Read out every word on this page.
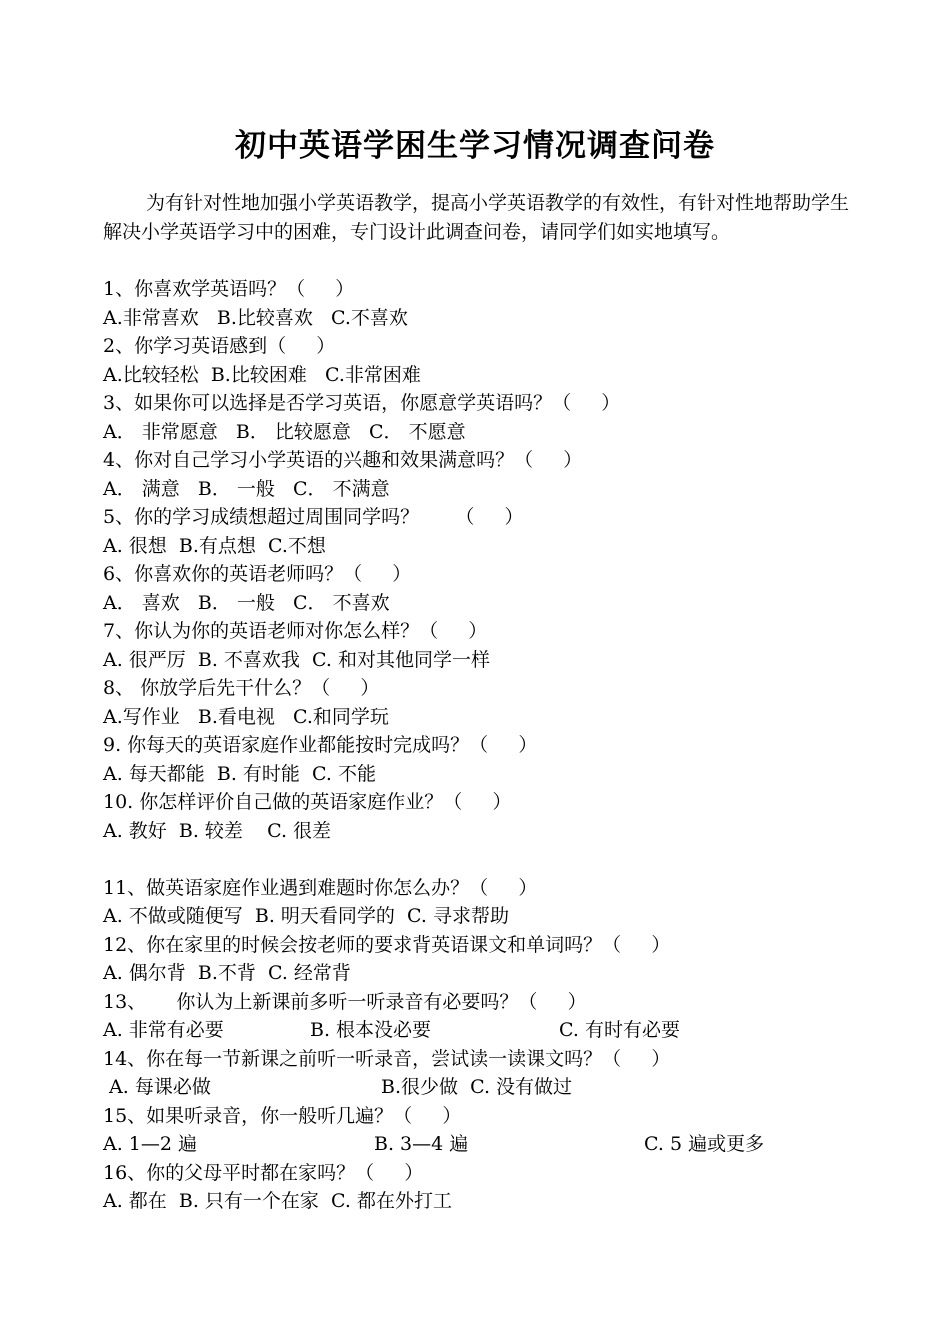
初中英语学困生学习情况调查问卷

为有针对性地加强小学英语教学，提高小学英语教学的有效性，有针对性地帮助学生解决小学英语学习中的困难，专门设计此调查问卷，请同学们如实地填写。

1、你喜欢学英语吗？（     ）
A.非常喜欢   B.比较喜欢   C.不喜欢
2、你学习英语感到（     ）
A.比较轻松  B.比较困难   C.非常困难
3、如果你可以选择是否学习英语，你愿意学英语吗？（     ）
A． 非常愿意   B． 比较愿意   C． 不愿意
4、你对自己学习小学英语的兴趣和效果满意吗？（     ）
A． 满意   B． 一般   C． 不满意
5、你的学习成绩想超过周围同学吗？      （     ）
A. 很想  B.有点想  C.不想
6、你喜欢你的英语老师吗？（     ）
A． 喜欢   B． 一般   C． 不喜欢
7、你认为你的英语老师对你怎么样？（     ）
A. 很严厉  B. 不喜欢我  C. 和对其他同学一样
8、 你放学后先干什么？（     ）
A.写作业   B.看电视   C.和同学玩
9. 你每天的英语家庭作业都能按时完成吗？（     ）
A. 每天都能  B. 有时能  C. 不能
10. 你怎样评价自己做的英语家庭作业？（     ）
A. 教好  B. 较差    C. 很差
11、做英语家庭作业遇到难题时你怎么办？（     ）
A. 不做或随便写  B. 明天看同学的  C. 寻求帮助
12、你在家里的时候会按老师的要求背英语课文和单词吗？（     ）
A. 偶尔背  B.不背  C. 经常背
13、     你认为上新课前多听一听录音有必要吗？（     ）

A. 非常有必要

	B. 根本没必要

	C. 有时有必要

14、你在每一节新课之前听一听录音，尝试读一读课文吗？（     ）

A. 每课必做

	B.很少做  C. 没有做过

15、如果听录音，你一般听几遍？（     ）

A. 1—2 遍

	B. 3—4 遍

	C. 5 遍或更多

16、你的父母平时都在家吗？（     ）
A. 都在  B. 只有一个在家  C. 都在外打工
